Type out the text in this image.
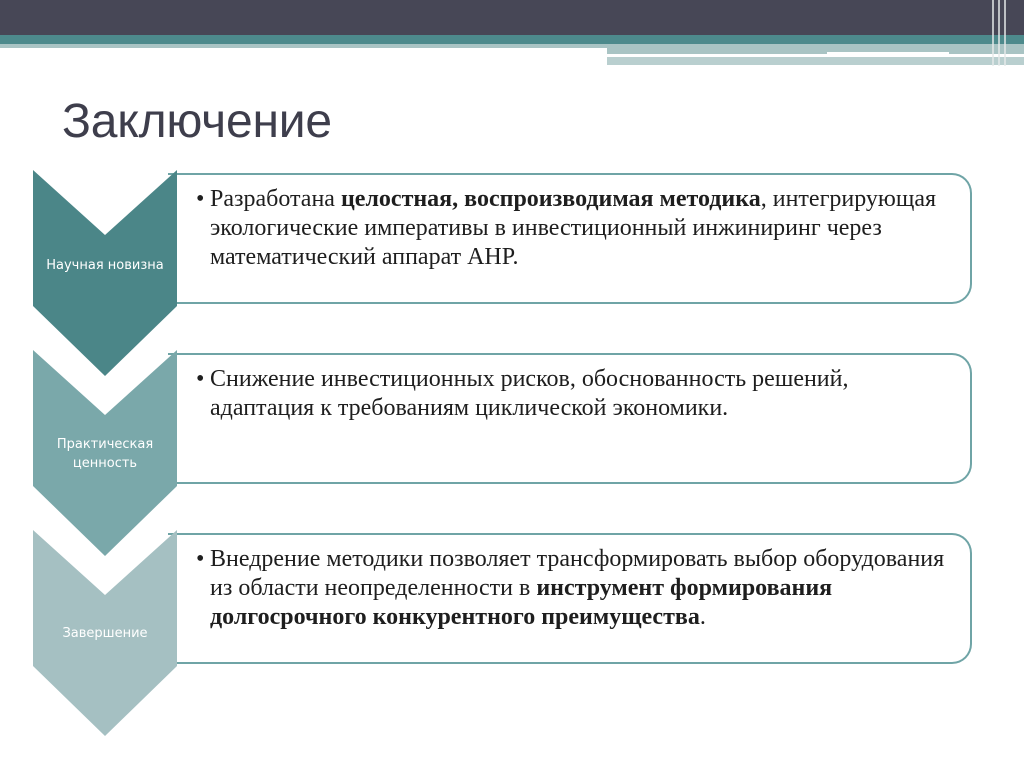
Заключение
• Разработана целостная, воспроизводимая методика, интегрирующая экологические императивы в инвестиционный инжиниринг через математический аппарат AHP.
Научная новизна
• Снижение инвестиционных рисков, обоснованность решений, адаптация к требованиям циклической экономики.
Практическая ценность
• Внедрение методики позволяет трансформировать выбор оборудования из области неопределенности в инструмент формирования долгосрочного конкурентного преимущества.
Завершение
